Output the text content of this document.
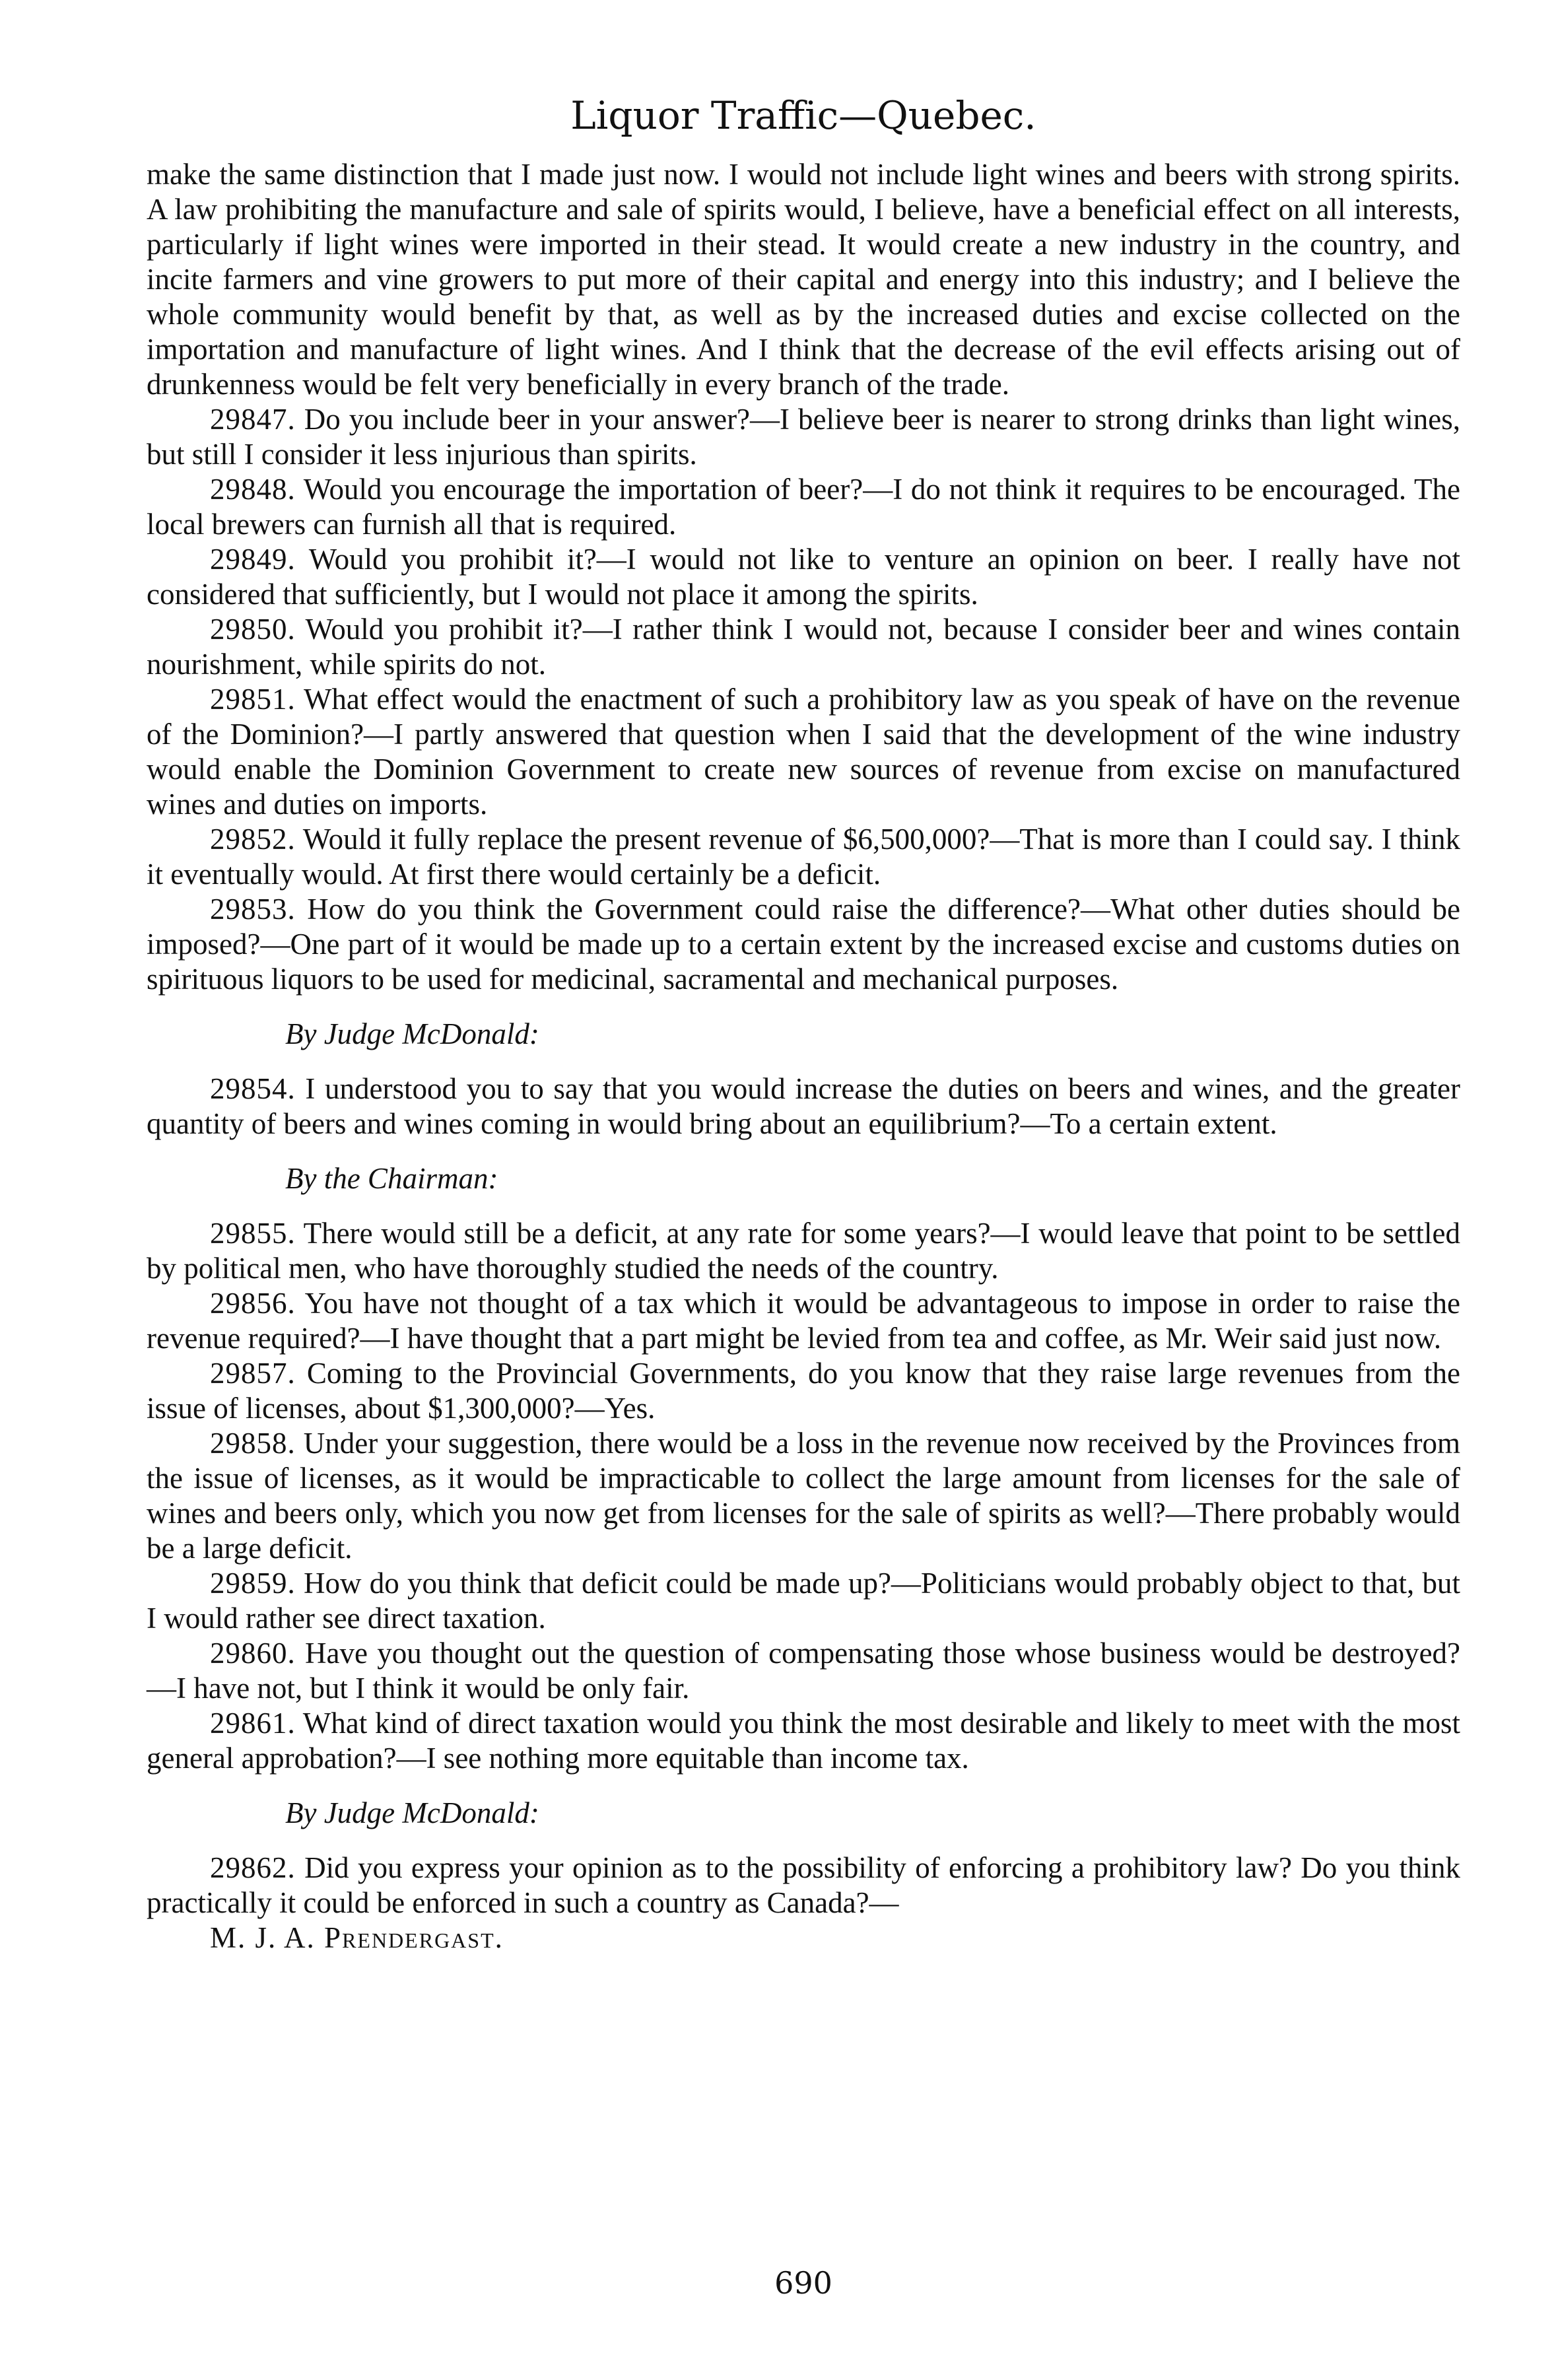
Liquor Traffic—Quebec.

make the same distinction that I made just now. I would not include light wines and beers with strong spirits. A law prohibiting the manufacture and sale of spirits would, I believe, have a beneficial effect on all interests, particularly if light wines were imported in their stead. It would create a new industry in the country, and incite farmers and vine growers to put more of their capital and energy into this industry; and I believe the whole community would benefit by that, as well as by the increased duties and excise collected on the importation and manufacture of light wines. And I think that the decrease of the evil effects arising out of drunkenness would be felt very beneficially in every branch of the trade.

29847. Do you include beer in your answer?—I believe beer is nearer to strong drinks than light wines, but still I consider it less injurious than spirits.

29848. Would you encourage the importation of beer?—I do not think it requires to be encouraged. The local brewers can furnish all that is required.

29849. Would you prohibit it?—I would not like to venture an opinion on beer. I really have not considered that sufficiently, but I would not place it among the spirits.

29850. Would you prohibit it?—I rather think I would not, because I consider beer and wines contain nourishment, while spirits do not.

29851. What effect would the enactment of such a prohibitory law as you speak of have on the revenue of the Dominion?—I partly answered that question when I said that the development of the wine industry would enable the Dominion Government to create new sources of revenue from excise on manufactured wines and duties on imports.

29852. Would it fully replace the present revenue of $6,500,000?—That is more than I could say. I think it eventually would. At first there would certainly be a deficit.

29853. How do you think the Government could raise the difference?—What other duties should be imposed?—One part of it would be made up to a certain extent by the increased excise and customs duties on spirituous liquors to be used for medicinal, sacramental and mechanical purposes.

By Judge McDonald:

29854. I understood you to say that you would increase the duties on beers and wines, and the greater quantity of beers and wines coming in would bring about an equilibrium?—To a certain extent.

By the Chairman:

29855. There would still be a deficit, at any rate for some years?—I would leave that point to be settled by political men, who have thoroughly studied the needs of the country.

29856. You have not thought of a tax which it would be advantageous to impose in order to raise the revenue required?—I have thought that a part might be levied from tea and coffee, as Mr. Weir said just now.

29857. Coming to the Provincial Governments, do you know that they raise large revenues from the issue of licenses, about $1,300,000?—Yes.

29858. Under your suggestion, there would be a loss in the revenue now received by the Provinces from the issue of licenses, as it would be impracticable to collect the large amount from licenses for the sale of wines and beers only, which you now get from licenses for the sale of spirits as well?—There probably would be a large deficit.

29859. How do you think that deficit could be made up?—Politicians would probably object to that, but I would rather see direct taxation.

29860. Have you thought out the question of compensating those whose business would be destroyed?—I have not, but I think it would be only fair.

29861. What kind of direct taxation would you think the most desirable and likely to meet with the most general approbation?—I see nothing more equitable than income tax.

By Judge McDonald:

29862. Did you express your opinion as to the possibility of enforcing a prohibitory law? Do you think practically it could be enforced in such a country as Canada?—

M. J. A. Prendergast.

690
